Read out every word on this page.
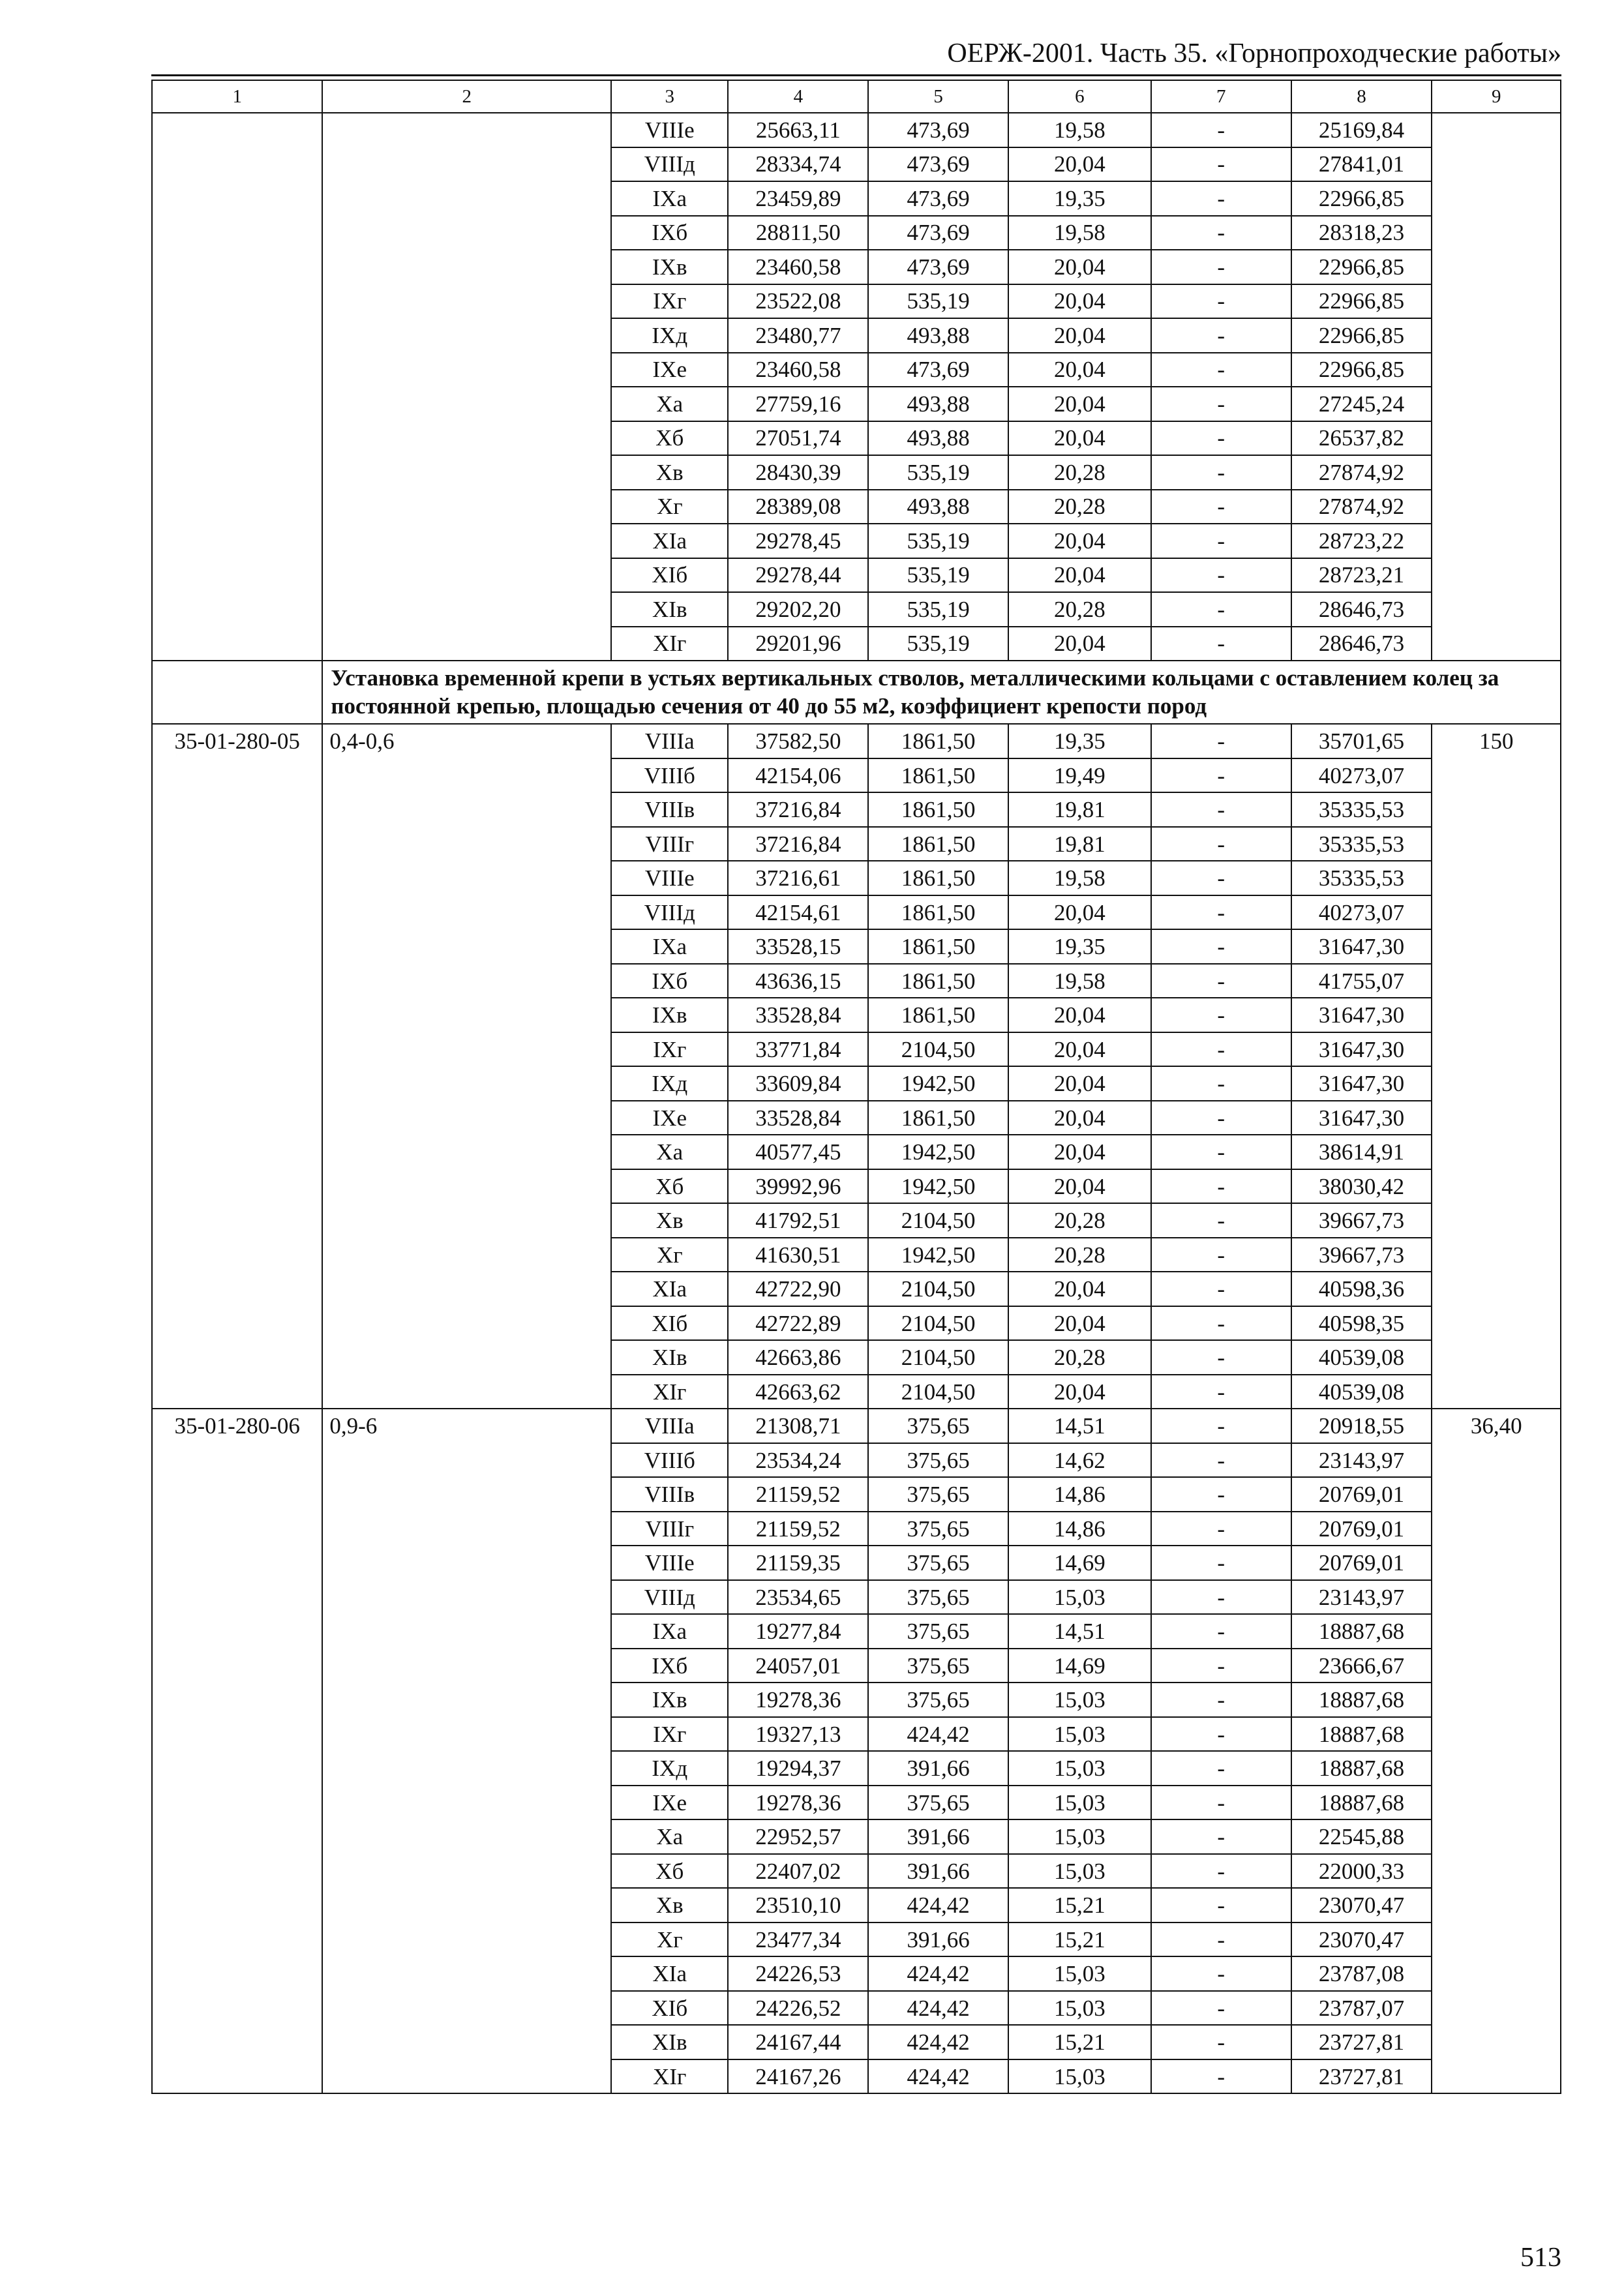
ОЕРЖ-2001. Часть 35. «Горнопроходческие работы»
1	2	3	4	5	6	7	8	9
		VIIIе	25663,11	473,69	19,58	-	25169,84	
		VIIIд	28334,74	473,69	20,04	-	27841,01	
		IXа	23459,89	473,69	19,35	-	22966,85	
		IXб	28811,50	473,69	19,58	-	28318,23	
		IXв	23460,58	473,69	20,04	-	22966,85	
		IXг	23522,08	535,19	20,04	-	22966,85	
		IXд	23480,77	493,88	20,04	-	22966,85	
		IXе	23460,58	473,69	20,04	-	22966,85	
		Xа	27759,16	493,88	20,04	-	27245,24	
		Xб	27051,74	493,88	20,04	-	26537,82	
		Xв	28430,39	535,19	20,28	-	27874,92	
		Xг	28389,08	493,88	20,28	-	27874,92	
		XIа	29278,45	535,19	20,04	-	28723,22	
		XIб	29278,44	535,19	20,04	-	28723,21	
		XIв	29202,20	535,19	20,28	-	28646,73	
		XIг	29201,96	535,19	20,04	-	28646,73	
	Установка временной крепи в устьях вертикальных стволов, металлическими кольцами с оставлением колец за постоянной крепью, площадью сечения от 40 до 55 м2, коэффициент крепости пород							
35-01-280-05	0,4-0,6	VIIIа	37582,50	1861,50	19,35	-	35701,65	150
		VIIIб	42154,06	1861,50	19,49	-	40273,07	
		VIIIв	37216,84	1861,50	19,81	-	35335,53	
		VIIIг	37216,84	1861,50	19,81	-	35335,53	
		VIIIе	37216,61	1861,50	19,58	-	35335,53	
		VIIIд	42154,61	1861,50	20,04	-	40273,07	
		IXа	33528,15	1861,50	19,35	-	31647,30	
		IXб	43636,15	1861,50	19,58	-	41755,07	
		IXв	33528,84	1861,50	20,04	-	31647,30	
		IXг	33771,84	2104,50	20,04	-	31647,30	
		IXд	33609,84	1942,50	20,04	-	31647,30	
		IXе	33528,84	1861,50	20,04	-	31647,30	
		Xа	40577,45	1942,50	20,04	-	38614,91	
		Xб	39992,96	1942,50	20,04	-	38030,42	
		Xв	41792,51	2104,50	20,28	-	39667,73	
		Xг	41630,51	1942,50	20,28	-	39667,73	
		XIа	42722,90	2104,50	20,04	-	40598,36	
		XIб	42722,89	2104,50	20,04	-	40598,35	
		XIв	42663,86	2104,50	20,28	-	40539,08	
		XIг	42663,62	2104,50	20,04	-	40539,08	
35-01-280-06	0,9-6	VIIIа	21308,71	375,65	14,51	-	20918,55	36,40
		VIIIб	23534,24	375,65	14,62	-	23143,97	
		VIIIв	21159,52	375,65	14,86	-	20769,01	
		VIIIг	21159,52	375,65	14,86	-	20769,01	
		VIIIе	21159,35	375,65	14,69	-	20769,01	
		VIIIд	23534,65	375,65	15,03	-	23143,97	
		IXа	19277,84	375,65	14,51	-	18887,68	
		IXб	24057,01	375,65	14,69	-	23666,67	
		IXв	19278,36	375,65	15,03	-	18887,68	
		IXг	19327,13	424,42	15,03	-	18887,68	
		IXд	19294,37	391,66	15,03	-	18887,68	
		IXе	19278,36	375,65	15,03	-	18887,68	
		Xа	22952,57	391,66	15,03	-	22545,88	
		Xб	22407,02	391,66	15,03	-	22000,33	
		Xв	23510,10	424,42	15,21	-	23070,47	
		Xг	23477,34	391,66	15,21	-	23070,47	
		XIа	24226,53	424,42	15,03	-	23787,08	
		XIб	24226,52	424,42	15,03	-	23787,07	
		XIв	24167,44	424,42	15,21	-	23727,81	
		XIг	24167,26	424,42	15,03	-	23727,81	
513
